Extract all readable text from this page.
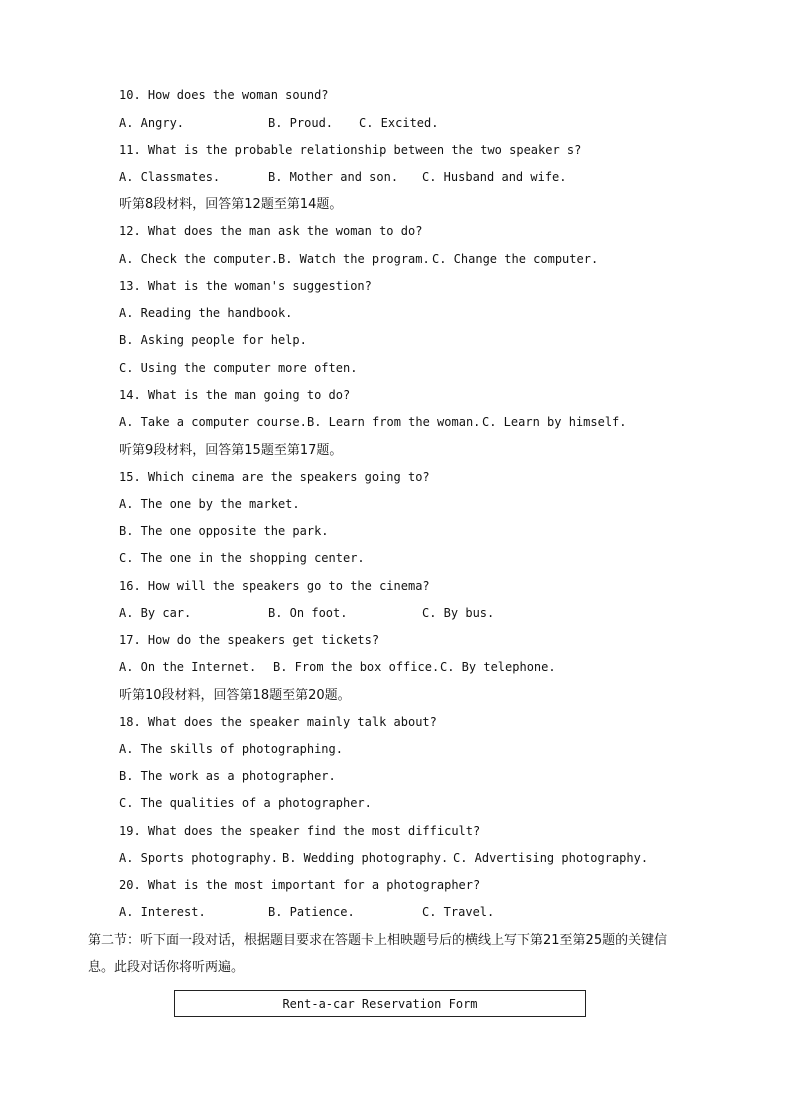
10. How does the woman sound?
A. Angry.	B. Proud. C. Excited.
11. What is the probable relationship between the two speaker s?
A. Classmates.	B. Mother and son. C. Husband and wife.
听第8段材料，回答第12题至第14题。
12. What does the man ask the woman to do?
A. Check the computer. B. Watch the program. C. Change the computer.
13. What is the woman's suggestion?
A. Reading the handbook.
B. Asking people for help.
C. Using the computer more often.
14. What is the man going to do?
A. Take a computer course. B. Learn from the woman. C. Learn by himself.
听第9段材料，回答第15题至第17题。
15. Which cinema are the speakers going to?
A. The one by the market.
B. The one opposite the park.
C. The one in the shopping center.
16. How will the speakers go to the cinema?
A. By car.	B. On foot.	C. By bus.
17. How do the speakers get tickets?
A. On the Internet. B. From the box office. C. By telephone.
听第10段材料，回答第18题至第20题。
18. What does the speaker mainly talk about?
A. The skills of photographing.
B. The work as a photographer.
C. The qualities of a photographer.
19. What does the speaker find the most difficult?
A. Sports photography. B. Wedding photography. C. Advertising photography.
20. What is the most important for a photographer?
A. Interest.	B. Patience.	C. Travel.
第二节：听下面一段对话，根据题目要求在答题卡上相映题号后的横线上写下第21至第25题的关键信
息。此段对话你将听两遍。
Rent-a-car Reservation Form
